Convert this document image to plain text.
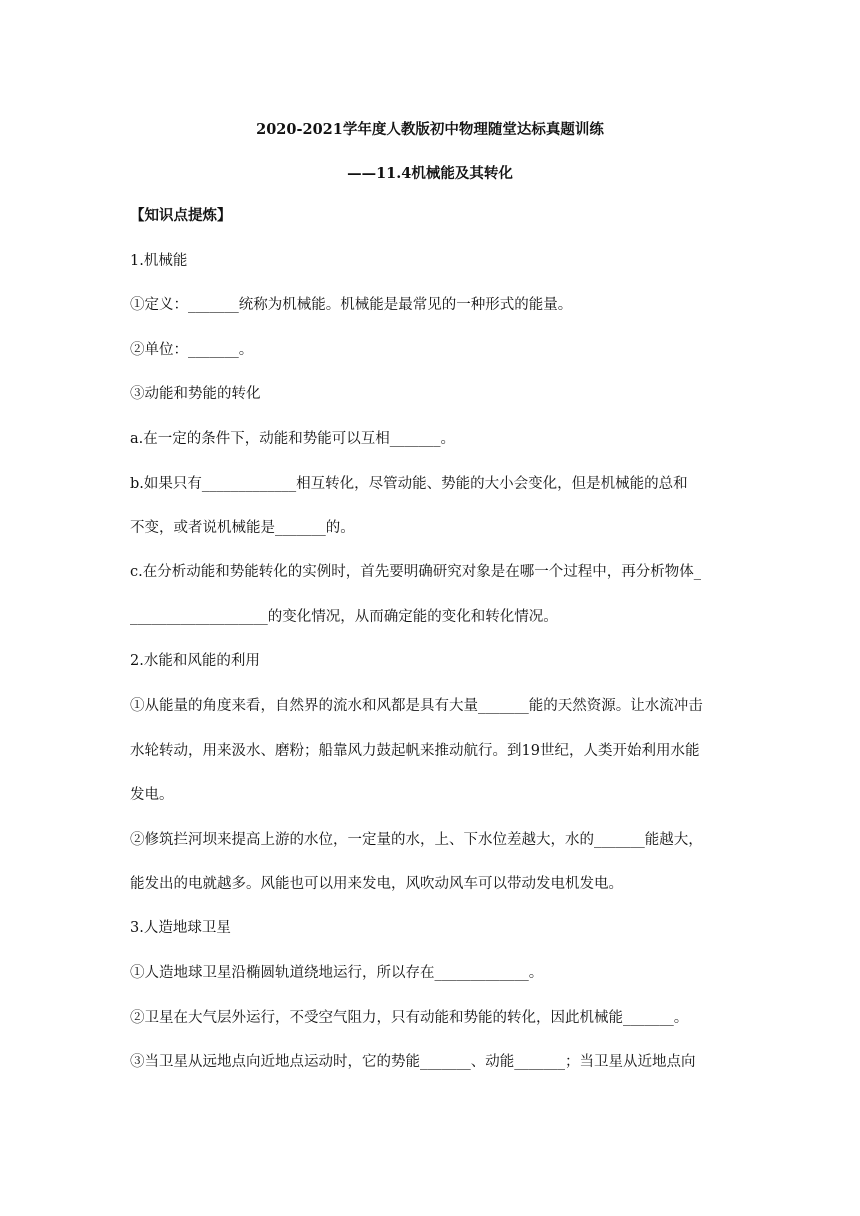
2020-2021学年度人教版初中物理随堂达标真题训练
——11.4机械能及其转化
【知识点提炼】
1.机械能
①定义：_______统称为机械能。机械能是最常见的一种形式的能量。
②单位：_______。
③动能和势能的转化
a.在一定的条件下，动能和势能可以互相_______。
b.如果只有_____________相互转化，尽管动能、势能的大小会变化，但是机械能的总和
不变，或者说机械能是_______的。
c.在分析动能和势能转化的实例时，首先要明确研究对象是在哪一个过程中，再分析物体_
___________________的变化情况，从而确定能的变化和转化情况。
2.水能和风能的利用
①从能量的角度来看，自然界的流水和风都是具有大量_______能的天然资源。让水流冲击
水轮转动，用来汲水、磨粉；船靠风力鼓起帆来推动航行。到19世纪，人类开始利用水能
发电。
②修筑拦河坝来提高上游的水位，一定量的水，上、下水位差越大，水的_______能越大，
能发出的电就越多。风能也可以用来发电，风吹动风车可以带动发电机发电。
3.人造地球卫星
①人造地球卫星沿椭圆轨道绕地运行，所以存在_____________。
②卫星在大气层外运行，不受空气阻力，只有动能和势能的转化，因此机械能_______。
③当卫星从远地点向近地点运动时，它的势能_______、动能_______；当卫星从近地点向
